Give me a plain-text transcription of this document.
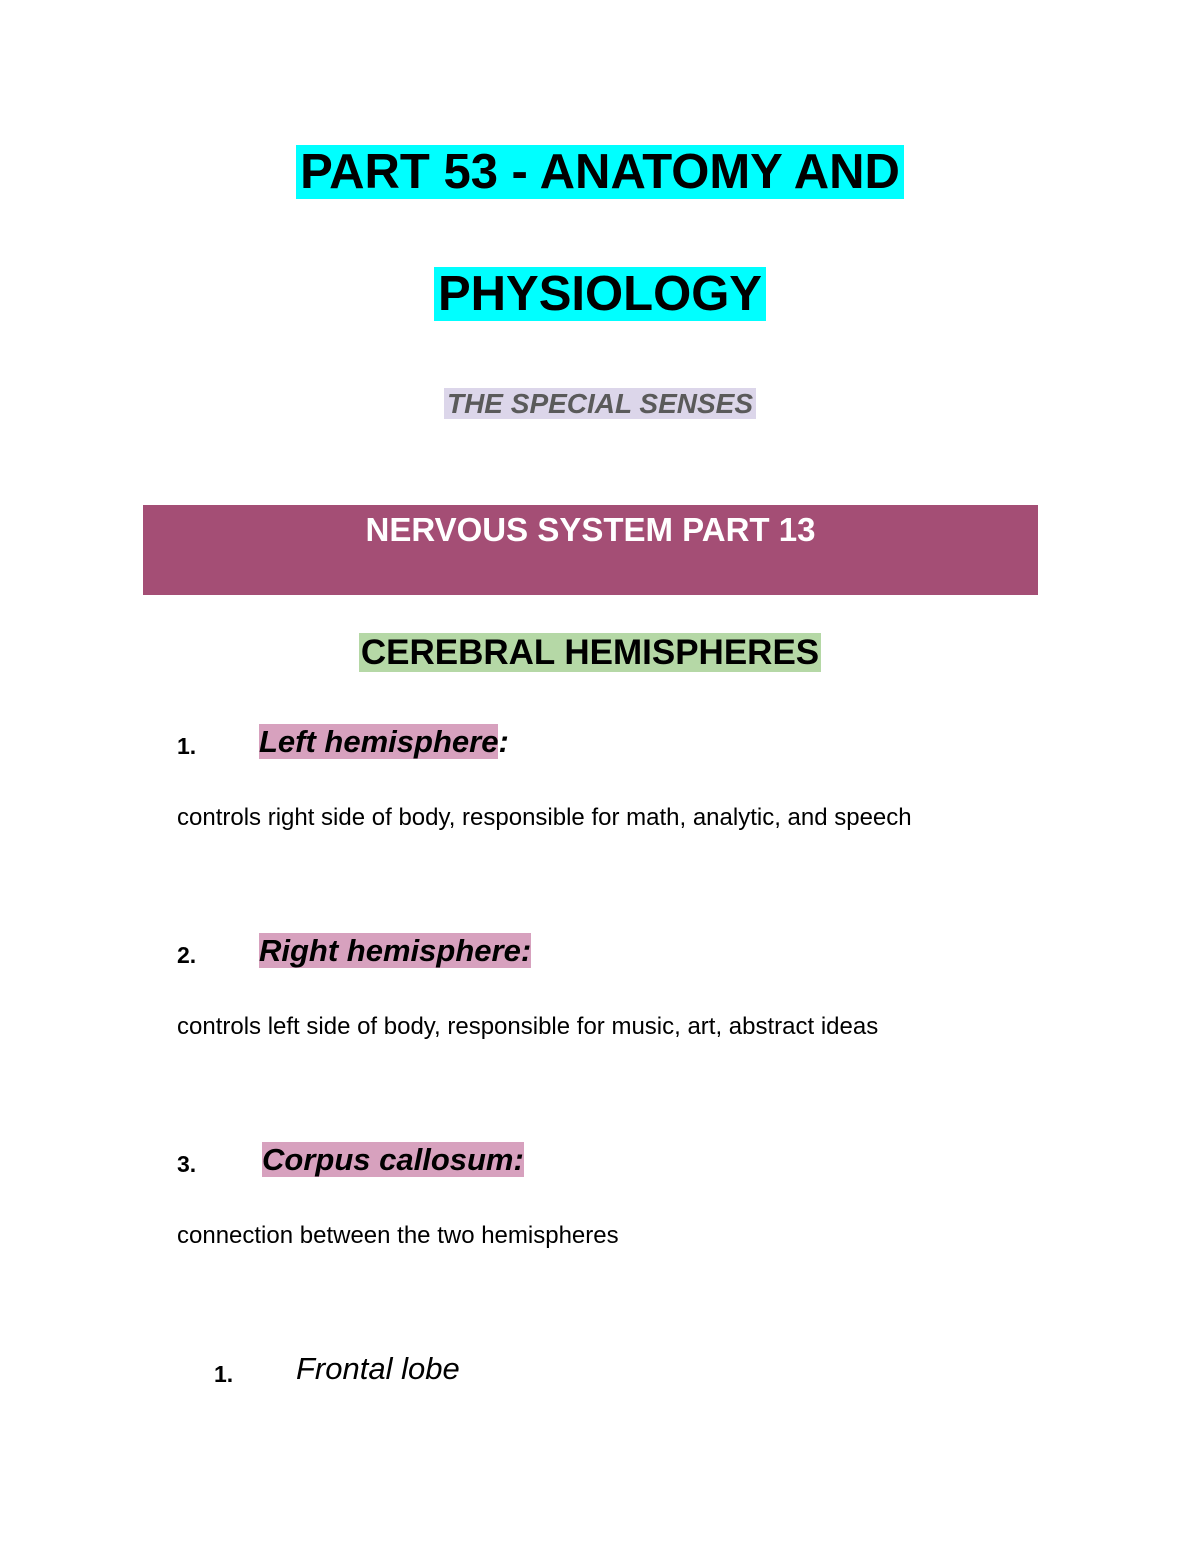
PART 53 - ANATOMY AND
PHYSIOLOGY
THE SPECIAL SENSES
NERVOUS SYSTEM PART 13
CEREBRAL HEMISPHERES
1. Left hemisphere:
controls right side of body, responsible for math, analytic, and speech
2. Right hemisphere:
controls left side of body, responsible for music, art, abstract ideas
3. Corpus callosum:
connection between the two hemispheres
1. Frontal lobe
